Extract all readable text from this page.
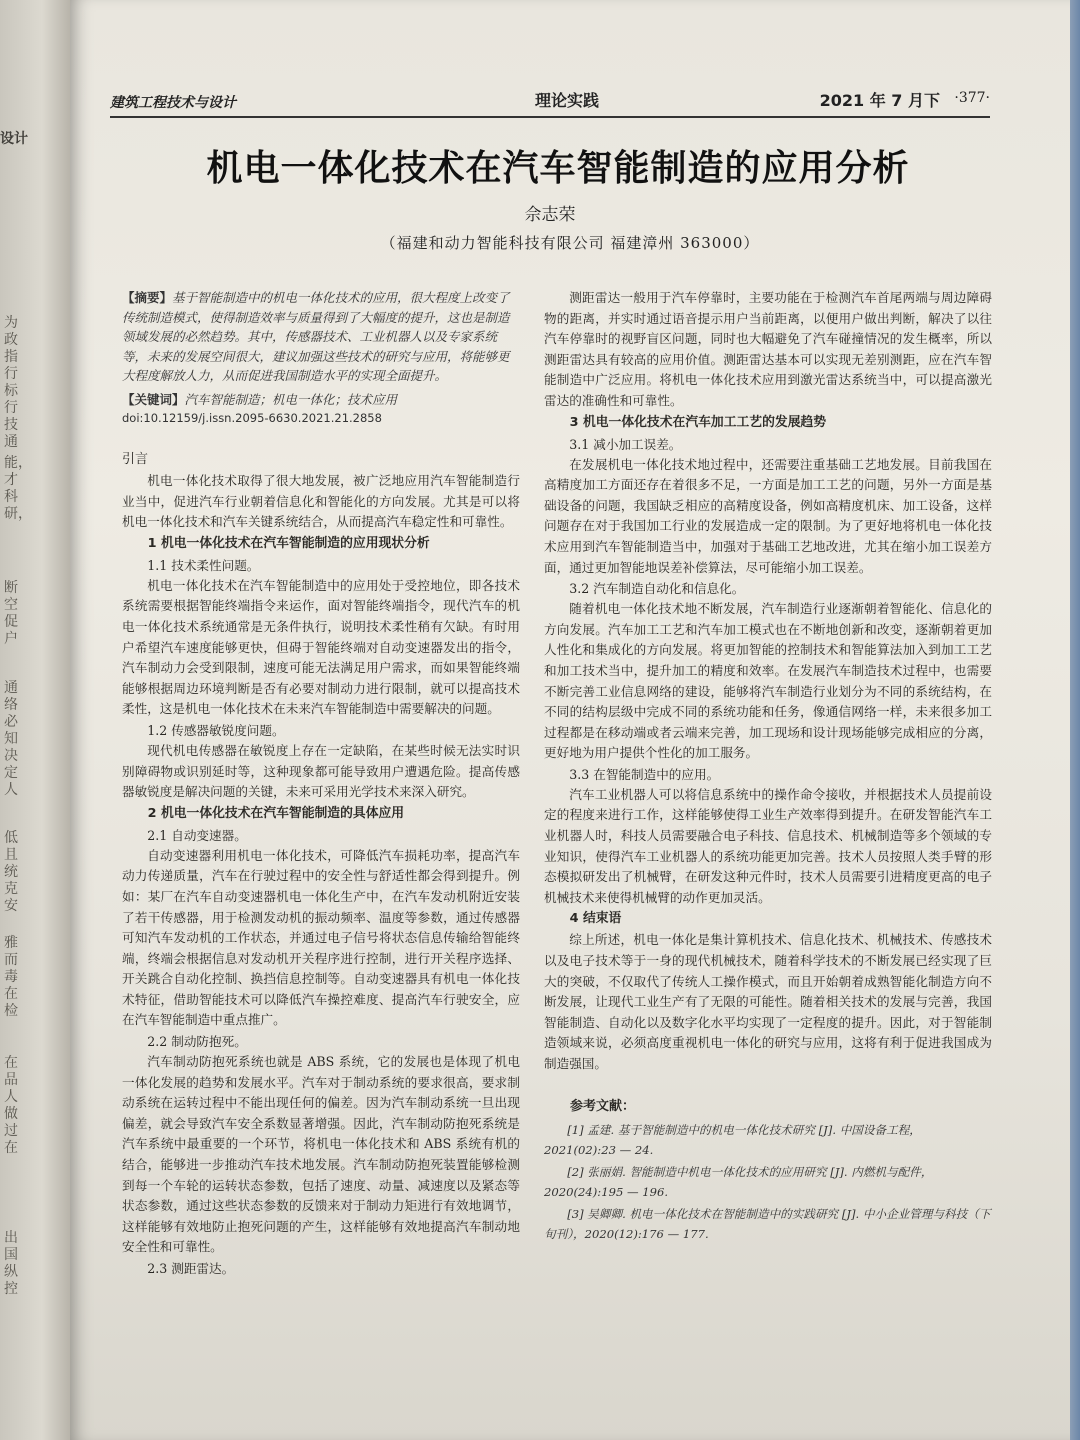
设计
为政 指行 标行 技通
能， 才 科 研，
断 空 促 户
通 络 必 知 决 定 人
低 且 统 克 安
雅 而 毒 在 检
在 品 人 做 过 在
出 国 纵 控
建筑工程技术与设计	理论实践	2021 年 7 月下 ·377·
机电一体化技术在汽车智能制造的应用分析
佘志荣
（福建和动力智能科技有限公司 福建漳州 363000）
【摘要】基于智能制造中的机电一体化技术的应用，很大程度上改变了传统制造模式，使得制造效率与质量得到了大幅度的提升，这也是制造领域发展的必然趋势。其中，传感器技术、工业机器人以及专家系统等，未来的发展空间很大，建议加强这些技术的研究与应用，将能够更大程度解放人力，从而促进我国制造水平的实现全面提升。
【关键词】汽车智能制造；机电一体化；技术应用
doi:10.12159/j.issn.2095-6630.2021.21.2858
引言

机电一体化技术取得了很大地发展，被广泛地应用汽车智能制造行业当中，促进汽车行业朝着信息化和智能化的方向发展。尤其是可以将机电一体化技术和汽车关键系统结合，从而提高汽车稳定性和可靠性。

1 机电一体化技术在汽车智能制造的应用现状分析
1.1 技术柔性问题。

机电一体化技术在汽车智能制造中的应用处于受控地位，即各技术系统需要根据智能终端指令来运作，面对智能终端指令，现代汽车的机电一体化技术系统通常是无条件执行，说明技术柔性稍有欠缺。有时用户希望汽车速度能够更快，但碍于智能终端对自动变速器发出的指令，汽车制动力会受到限制，速度可能无法满足用户需求，而如果智能终端能够根据周边环境判断是否有必要对制动力进行限制，就可以提高技术柔性，这是机电一体化技术在未来汽车智能制造中需要解决的问题。

1.2 传感器敏锐度问题。

现代机电传感器在敏锐度上存在一定缺陷，在某些时候无法实时识别障碍物或识别延时等，这种现象都可能导致用户遭遇危险。提高传感器敏锐度是解决问题的关键，未来可采用光学技术来深入研究。

2 机电一体化技术在汽车智能制造的具体应用
2.1 自动变速器。

自动变速器利用机电一体化技术，可降低汽车损耗功率，提高汽车动力传递质量，汽车在行驶过程中的安全性与舒适性都会得到提升。例如：某厂在汽车自动变速器机电一体化生产中，在汽车发动机附近安装了若干传感器，用于检测发动机的振动频率、温度等参数，通过传感器可知汽车发动机的工作状态，并通过电子信号将状态信息传输给智能终端，终端会根据信息对发动机开关程序进行控制，进行开关程序选择、开关跳合自动化控制、换挡信息控制等。自动变速器具有机电一体化技术特征，借助智能技术可以降低汽车操控难度、提高汽车行驶安全，应在汽车智能制造中重点推广。

2.2 制动防抱死。

汽车制动防抱死系统也就是 ABS 系统，它的发展也是体现了机电一体化发展的趋势和发展水平。汽车对于制动系统的要求很高，要求制动系统在运转过程中不能出现任何的偏差。因为汽车制动系统一旦出现偏差，就会导致汽车安全系数显著增强。因此，汽车制动防抱死系统是汽车系统中最重要的一个环节，将机电一体化技术和 ABS 系统有机的结合，能够进一步推动汽车技术地发展。汽车制动防抱死装置能够检测到每一个车轮的运转状态参数，包括了速度、动量、减速度以及紧态等状态参数，通过这些状态参数的反馈来对于制动力矩进行有效地调节，这样能够有效地防止抱死问题的产生，这样能够有效地提高汽车制动地安全性和可靠性。

2.3 测距雷达。

测距雷达一般用于汽车停靠时，主要功能在于检测汽车首尾两端与周边障碍物的距离，并实时通过语音提示用户当前距离，以便用户做出判断，解决了以往汽车停靠时的视野盲区问题，同时也大幅避免了汽车碰撞情况的发生概率，所以测距雷达具有较高的应用价值。测距雷达基本可以实现无差别测距，应在汽车智能制造中广泛应用。将机电一体化技术应用到激光雷达系统当中，可以提高激光雷达的准确性和可靠性。

3 机电一体化技术在汽车加工工艺的发展趋势
3.1 减小加工误差。

在发展机电一体化技术地过程中，还需要注重基础工艺地发展。目前我国在高精度加工方面还存在着很多不足，一方面是加工工艺的问题，另外一方面是基础设备的问题，我国缺乏相应的高精度设备，例如高精度机床、加工设备，这样问题存在对于我国加工行业的发展造成一定的限制。为了更好地将机电一体化技术应用到汽车智能制造当中，加强对于基础工艺地改进，尤其在缩小加工误差方面，通过更加智能地误差补偿算法，尽可能缩小加工误差。

3.2 汽车制造自动化和信息化。

随着机电一体化技术地不断发展，汽车制造行业逐渐朝着智能化、信息化的方向发展。汽车加工工艺和汽车加工模式也在不断地创新和改变，逐渐朝着更加人性化和集成化的方向发展。将更加智能的控制技术和智能算法加入到加工工艺和加工技术当中，提升加工的精度和效率。在发展汽车制造技术过程中，也需要不断完善工业信息网络的建设，能够将汽车制造行业划分为不同的系统结构，在不同的结构层级中完成不同的系统功能和任务，像通信网络一样，未来很多加工过程都是在移动端或者云端来完善，加工现场和设计现场能够完成相应的分离，更好地为用户提供个性化的加工服务。

3.3 在智能制造中的应用。

汽车工业机器人可以将信息系统中的操作命令接收，并根据技术人员提前设定的程度来进行工作，这样能够使得工业生产效率得到提升。在研发智能汽车工业机器人时，科技人员需要融合电子科技、信息技术、机械制造等多个领域的专业知识，使得汽车工业机器人的系统功能更加完善。技术人员按照人类手臂的形态模拟研发出了机械臂，在研发这种元件时，技术人员需要引进精度更高的电子机械技术来使得机械臂的动作更加灵活。

4 结束语

综上所述，机电一体化是集计算机技术、信息化技术、机械技术、传感技术以及电子技术等于一身的现代机械技术，随着科学技术的不断发展已经实现了巨大的突破，不仅取代了传统人工操作模式，而且开始朝着成熟智能化制造方向不断发展，让现代工业生产有了无限的可能性。随着相关技术的发展与完善，我国智能制造、自动化以及数字化水平均实现了一定程度的提升。因此，对于智能制造领域来说，必须高度重视机电一体化的研究与应用，这将有利于促进我国成为制造强国。

参考文献：

[1] 孟建. 基于智能制造中的机电一体化技术研究 [J]. 中国设备工程，2021(02):23 — 24.

[2] 张丽娟. 智能制造中机电一体化技术的应用研究 [J]. 内燃机与配件，2020(24):195 — 196.

[3] 吴卿卿. 机电一体化技术在智能制造中的实践研究 [J]. 中小企业管理与科技（下旬刊），2020(12):176 — 177.
